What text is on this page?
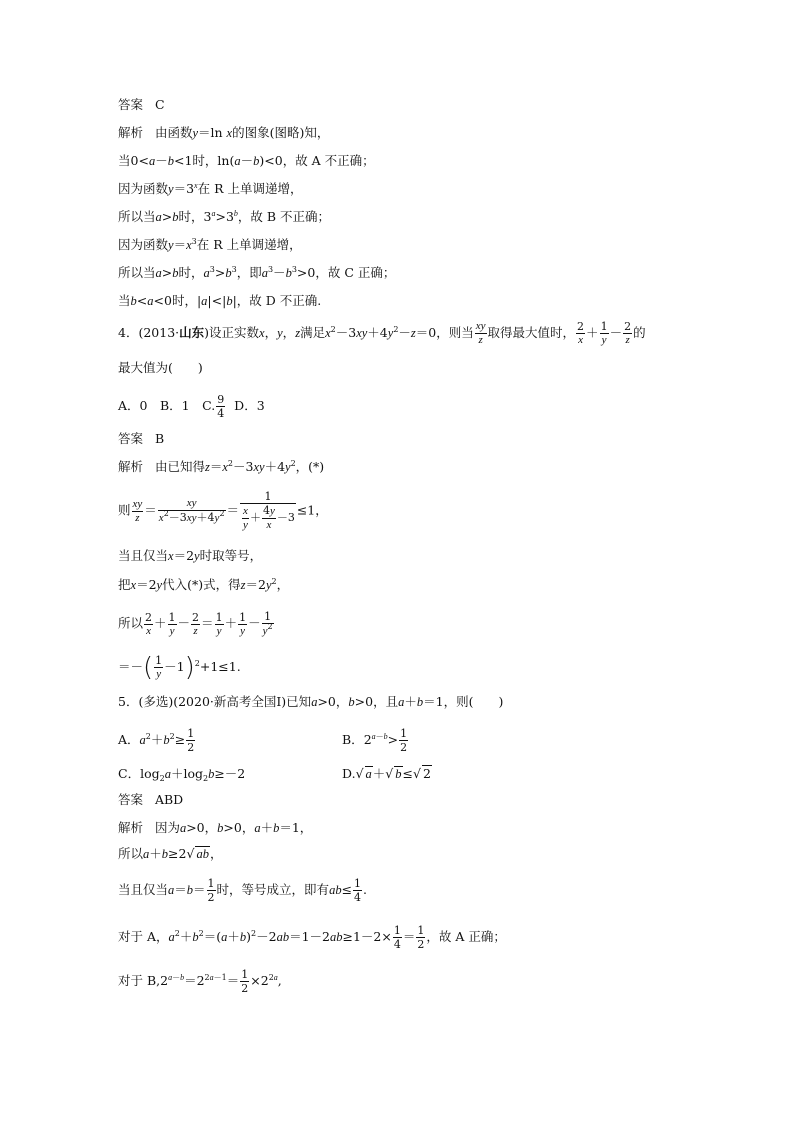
答案 C
解析 由函数y＝ln x的图象(图略)知，
当0<a－b<1时，ln(a－b)<0，故 A 不正确；
因为函数$y=3^x$在 R 上单调递增，
所以当a>b时，$3^a>3^b$，故 B 不正确；
因为函数$y=x^3$在 R 上单调递增，
所以当a>b时，$a^3>b^3$，即$a^3-b^3>0$，故 C 正确；
当b<a<0时，|a|<|b|，故 D 不正确.
4．(2013·山东)设正实数x，y，z满足$x^2-3xy+4y^2-z=0$，则当 $\frac{xy}{z}$ 取得最大值时， $\frac{2}{x} + \frac{1}{y} - \frac{2}{z}$ 的
最大值为(　　)
A．0　B．1　C. $\frac{9}{4}$ D．3
答案 B
解析 由已知得$z=x^2-3xy+4y^2$，(*)
则 $\frac{xy}{z} = \frac{xy}{x^2-3xy+4y^2} = \frac{1}{\frac{x}{y} + \frac{4y}{x} -3} \le 1$，
当且仅当x＝2y时取等号，
把x＝2y代入(*)式，得$z=2y^2$，
所以 $\frac{2}{x} + \frac{1}{y} - \frac{2}{z} = \frac{1}{y} + \frac{1}{y} - \frac{1}{y^2}$
＝－( $\frac{1}{y} -1)^2+1\le 1$.
5．(多选)(2020·新高考全国Ⅰ)已知a>0，b>0，且a＋b＝1，则(　　)
A．$a^2+b^2\ge \frac{1}{2}$	B．$2^{a-b}> \frac{1}{2}$
C．$\log_2a+\log_2b\ge-2$	D.√ a＋√ b≤√ 2
答案 ABD
解析 因为a>0，b>0，a＋b＝1，
所以a＋b≥2√ ab，
当且仅当$a=b= \frac{1}{2}$ 时，等号成立，即有$ab\le \frac{1}{4}$ .
对于 A，$a^2+b^2=(a+b)^2-2ab=1-2ab\ge 1-2\times \frac{1}{4} = \frac{1}{2}$ ，故 A 正确；
对于 $B,2^{a-b}=2^{2a-1}= \frac{1}{2} \times 2^{2a}$,
